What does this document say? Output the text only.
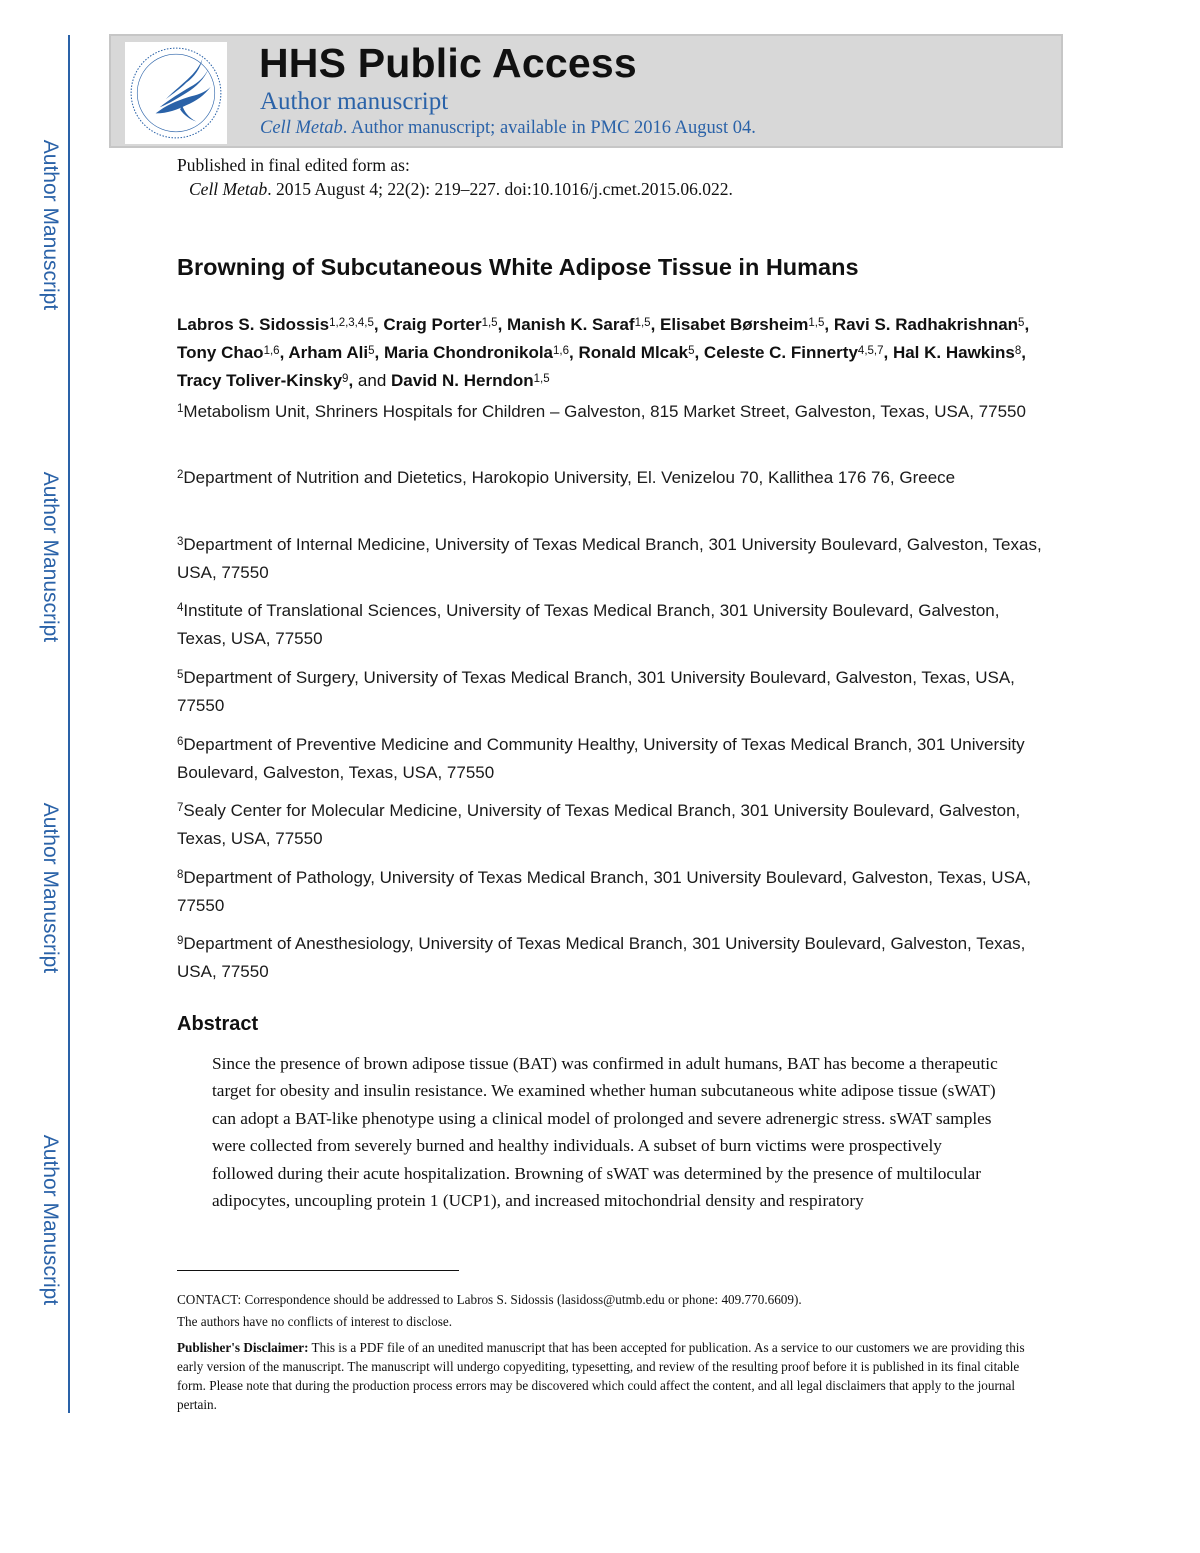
Author Manuscript
Author Manuscript
Author Manuscript
Author Manuscript
HHS Public Access
Author manuscript
Cell Metab. Author manuscript; available in PMC 2016 August 04.
Published in final edited form as:
Cell Metab. 2015 August 4; 22(2): 219–227. doi:10.1016/j.cmet.2015.06.022.
Browning of Subcutaneous White Adipose Tissue in Humans
Labros S. Sidossis$^{1,2,3,4,5}$, Craig Porter$^{1,5}$, Manish K. Saraf$^{1,5}$, Elisabet Børsheim$^{1,5}$, Ravi S. Radhakrishnan$^5$, Tony Chao$^{1,6}$, Arham Ali$^5$, Maria Chondronikola$^{1,6}$, Ronald Mlcak$^5$, Celeste C. Finnerty$^{4,5,7}$, Hal K. Hawkins$^8$, Tracy Toliver-Kinsky$^9$, and David N. Herndon$^{1,5}$
$^1$Metabolism Unit, Shriners Hospitals for Children – Galveston, 815 Market Street, Galveston, Texas, USA, 77550
$^2$Department of Nutrition and Dietetics, Harokopio University, El. Venizelou 70, Kallithea 176 76, Greece
$^3$Department of Internal Medicine, University of Texas Medical Branch, 301 University Boulevard, Galveston, Texas, USA, 77550
$^4$Institute of Translational Sciences, University of Texas Medical Branch, 301 University Boulevard, Galveston, Texas, USA, 77550
$^5$Department of Surgery, University of Texas Medical Branch, 301 University Boulevard, Galveston, Texas, USA, 77550
$^6$Department of Preventive Medicine and Community Healthy, University of Texas Medical Branch, 301 University Boulevard, Galveston, Texas, USA, 77550
$^7$Sealy Center for Molecular Medicine, University of Texas Medical Branch, 301 University Boulevard, Galveston, Texas, USA, 77550
$^8$Department of Pathology, University of Texas Medical Branch, 301 University Boulevard, Galveston, Texas, USA, 77550
$^9$Department of Anesthesiology, University of Texas Medical Branch, 301 University Boulevard, Galveston, Texas, USA, 77550
Abstract
Since the presence of brown adipose tissue (BAT) was confirmed in adult humans, BAT has become a therapeutic target for obesity and insulin resistance. We examined whether human subcutaneous white adipose tissue (sWAT) can adopt a BAT-like phenotype using a clinical model of prolonged and severe adrenergic stress. sWAT samples were collected from severely burned and healthy individuals. A subset of burn victims were prospectively followed during their acute hospitalization. Browning of sWAT was determined by the presence of multilocular adipocytes, uncoupling protein 1 (UCP1), and increased mitochondrial density and respiratory
CONTACT: Correspondence should be addressed to Labros S. Sidossis (lasidoss@utmb.edu or phone: 409.770.6609).
The authors have no conflicts of interest to disclose.
Publisher's Disclaimer: This is a PDF file of an unedited manuscript that has been accepted for publication. As a service to our customers we are providing this early version of the manuscript. The manuscript will undergo copyediting, typesetting, and review of the resulting proof before it is published in its final citable form. Please note that during the production process errors may be discovered which could affect the content, and all legal disclaimers that apply to the journal pertain.
